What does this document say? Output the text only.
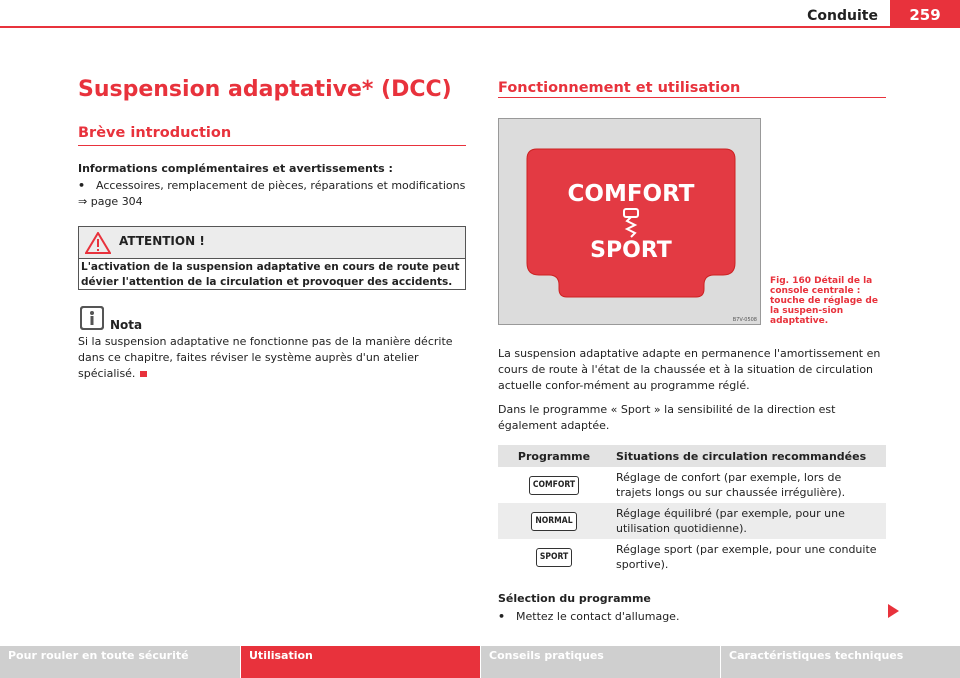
Conduite	259
Suspension adaptative* (DCC)
Brève introduction
Informations complémentaires et avertissements :
• Accessoires, remplacement de pièces, réparations et modifications
⇒ page 304
ATTENTION !
L'activation de la suspension adaptative en cours de route peut dévier l'attention de la circulation et provoquer des accidents.
Nota
Si la suspension adaptative ne fonctionne pas de la manière décrite dans ce chapitre, faites réviser le système auprès d'un atelier spécialisé.
Fonctionnement et utilisation
COMFORT
SPORT
B7V-0508
Fig. 160 Détail de la console centrale : touche de réglage de la suspen-sion adaptative.
La suspension adaptative adapte en permanence l'amortissement en cours de route à l'état de la chaussée et à la situation de circulation actuelle confor-mément au programme réglé.
Dans le programme « Sport » la sensibilité de la direction est également adaptée.
Programme	Situations de circulation recommandées
COMFORT	Réglage de confort (par exemple, lors de trajets longs ou sur chaussée irrégulière).
NORMAL	Réglage équilibré (par exemple, pour une utilisation quotidienne).
SPORT	Réglage sport (par exemple, pour une conduite sportive).
Sélection du programme
• Mettez le contact d'allumage.
Pour rouler en toute sécurité	Utilisation	Conseils pratiques	Caractéristiques techniques
